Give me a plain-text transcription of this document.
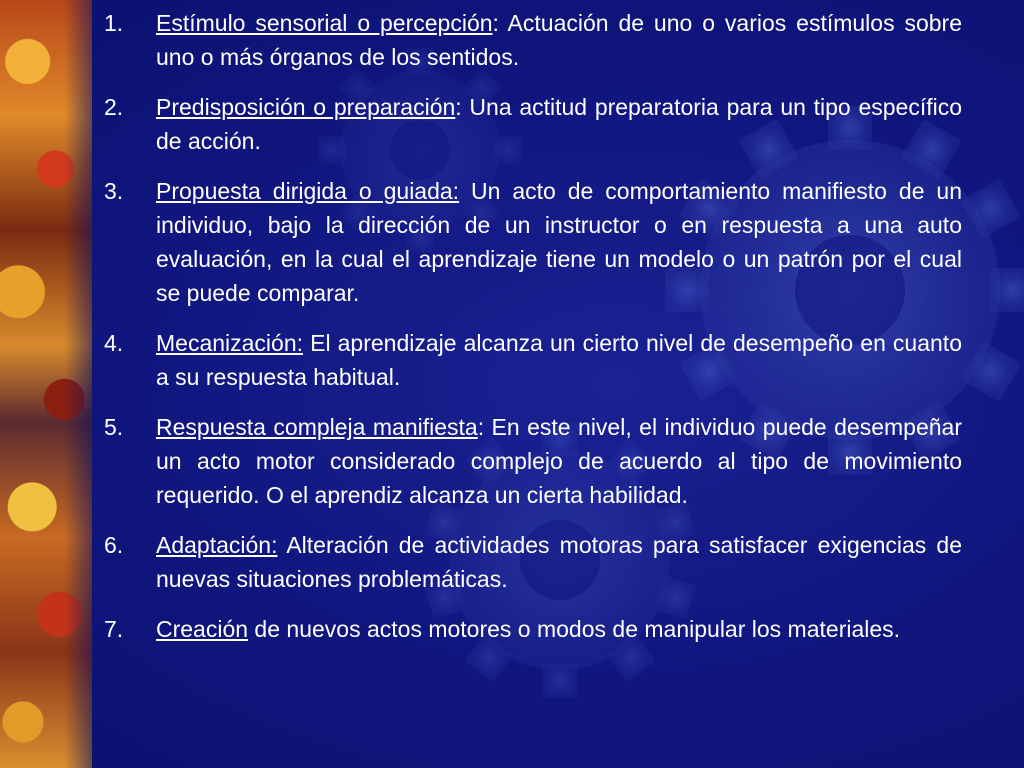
1. Estímulo sensorial o percepción: Actuación de uno o varios estímulos sobre uno o más órganos de los sentidos.
2. Predisposición o preparación: Una actitud preparatoria para un tipo específico de acción.
3. Propuesta dirigida o guiada: Un acto de comportamiento manifiesto de un individuo, bajo la dirección de un instructor o en respuesta a una auto evaluación, en la cual el aprendizaje tiene un modelo o un patrón por el cual se puede comparar.
4. Mecanización: El aprendizaje alcanza un cierto nivel de desempeño en cuanto a su respuesta habitual.
5. Respuesta compleja manifiesta: En este nivel, el individuo puede desempeñar un acto motor considerado complejo de acuerdo al tipo de movimiento requerido. O el aprendiz alcanza un cierta habilidad.
6. Adaptación: Alteración de actividades motoras para satisfacer exigencias de nuevas situaciones problemáticas.
7. Creación de nuevos actos motores o modos de manipular los materiales.
